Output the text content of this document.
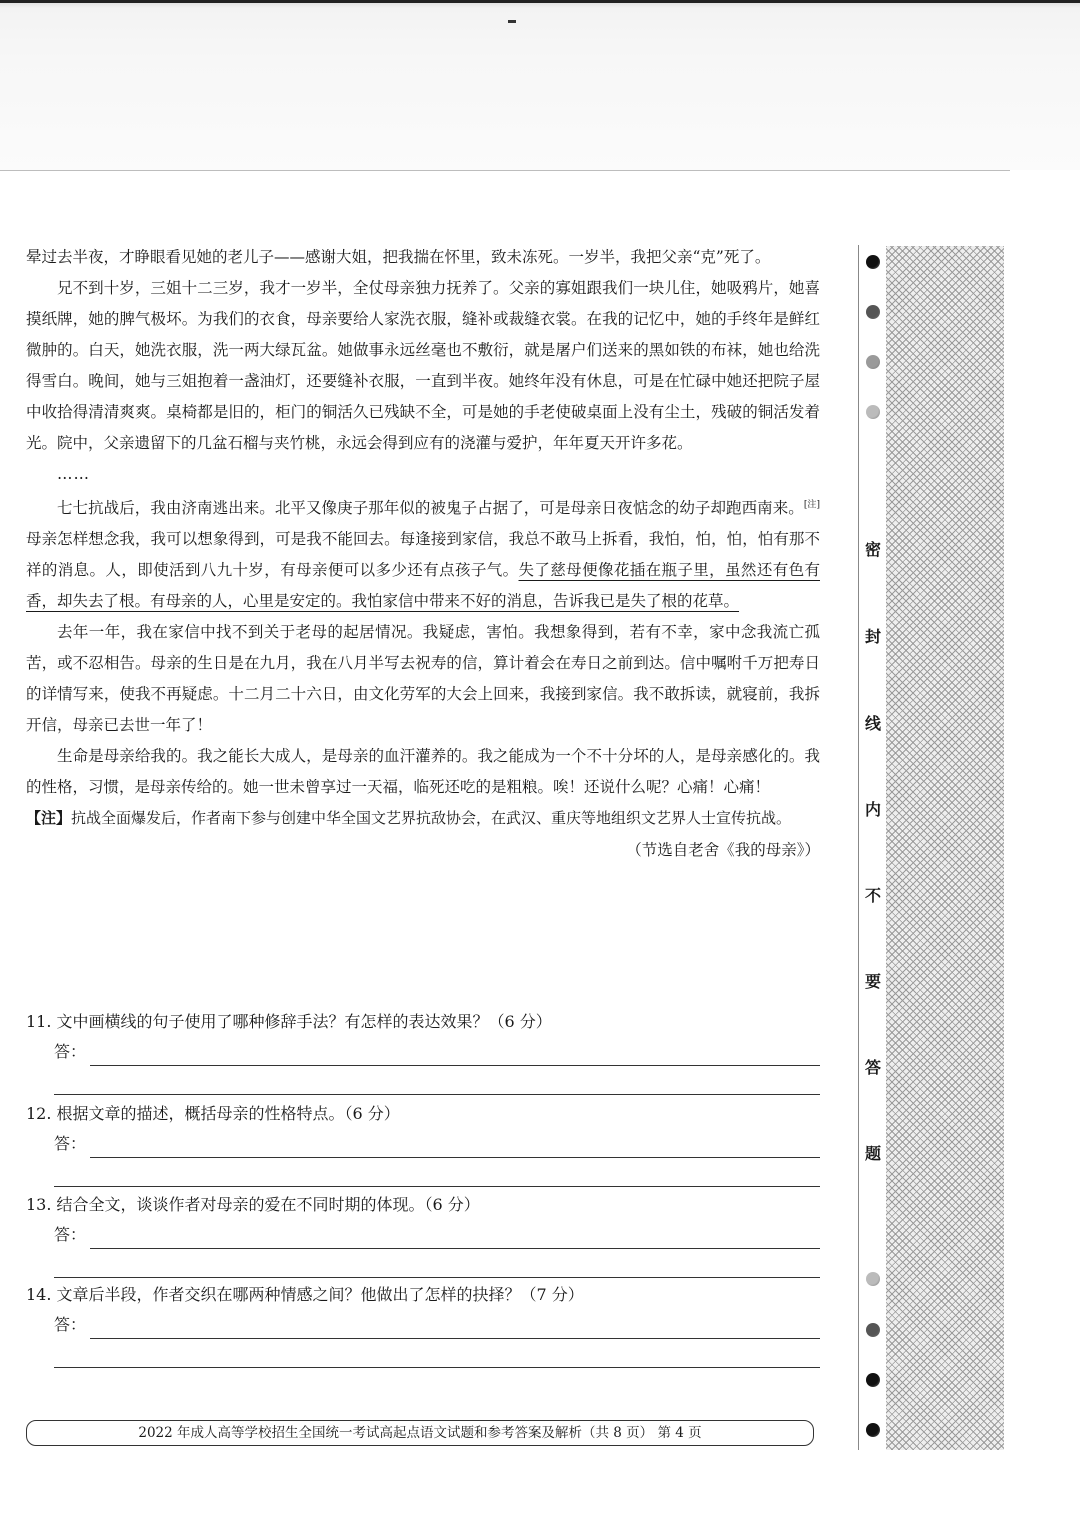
晕过去半夜，才睁眼看见她的老儿子——感谢大姐，把我揣在怀里，致未冻死。一岁半，我把父亲“克”死了。

兄不到十岁，三姐十二三岁，我才一岁半，全仗母亲独力抚养了。父亲的寡姐跟我们一块儿住，她吸鸦片，她喜摸纸牌，她的脾气极坏。为我们的衣食，母亲要给人家洗衣服，缝补或裁缝衣裳。在我的记忆中，她的手终年是鲜红微肿的。白天，她洗衣服，洗一两大绿瓦盆。她做事永远丝毫也不敷衍，就是屠户们送来的黑如铁的布袜，她也给洗得雪白。晚间，她与三姐抱着一盏油灯，还要缝补衣服，一直到半夜。她终年没有休息，可是在忙碌中她还把院子屋中收拾得清清爽爽。桌椅都是旧的，柜门的铜活久已残缺不全，可是她的手老使破桌面上没有尘土，残破的铜活发着光。院中，父亲遗留下的几盆石榴与夹竹桃，永远会得到应有的浇灌与爱护，年年夏天开许多花。

……

七七抗战后，我由济南逃出来。北平又像庚子那年似的被鬼子占据了，可是母亲日夜惦念的幼子却跑西南来。[注]母亲怎样想念我，我可以想象得到，可是我不能回去。每逢接到家信，我总不敢马上拆看，我怕，怕，怕，怕有那不祥的消息。人，即使活到八九十岁，有母亲便可以多少还有点孩子气。失了慈母便像花插在瓶子里，虽然还有色有香，却失去了根。有母亲的人，心里是安定的。我怕家信中带来不好的消息，告诉我已是失了根的花草。

去年一年，我在家信中找不到关于老母的起居情况。我疑虑，害怕。我想象得到，若有不幸，家中念我流亡孤苦，或不忍相告。母亲的生日是在九月，我在八月半写去祝寿的信，算计着会在寿日之前到达。信中嘱咐千万把寿日的详情写来，使我不再疑虑。十二月二十六日，由文化劳军的大会上回来，我接到家信。我不敢拆读，就寝前，我拆开信，母亲已去世一年了！

生命是母亲给我的。我之能长大成人，是母亲的血汗灌养的。我之能成为一个不十分坏的人，是母亲感化的。我的性格，习惯，是母亲传给的。她一世未曾享过一天福，临死还吃的是粗粮。唉！还说什么呢？心痛！心痛！

【注】抗战全面爆发后，作者南下参与创建中华全国文艺界抗敌协会，在武汉、重庆等地组织文艺界人士宣传抗战。

（节选自老舍《我的母亲》）

11. 文中画横线的句子使用了哪种修辞手法？有怎样的表达效果？（6 分）
答：
12. 根据文章的描述，概括母亲的性格特点。（6 分）
答：
13. 结合全文，谈谈作者对母亲的爱在不同时期的体现。（6 分）
答：
14. 文章后半段，作者交织在哪两种情感之间？他做出了怎样的抉择？（7 分）
答：
2022 年成人高等学校招生全国统一考试高起点语文试题和参考答案及解析（共 8 页） 第 4 页
密
封
线
内
不
要
答
题
